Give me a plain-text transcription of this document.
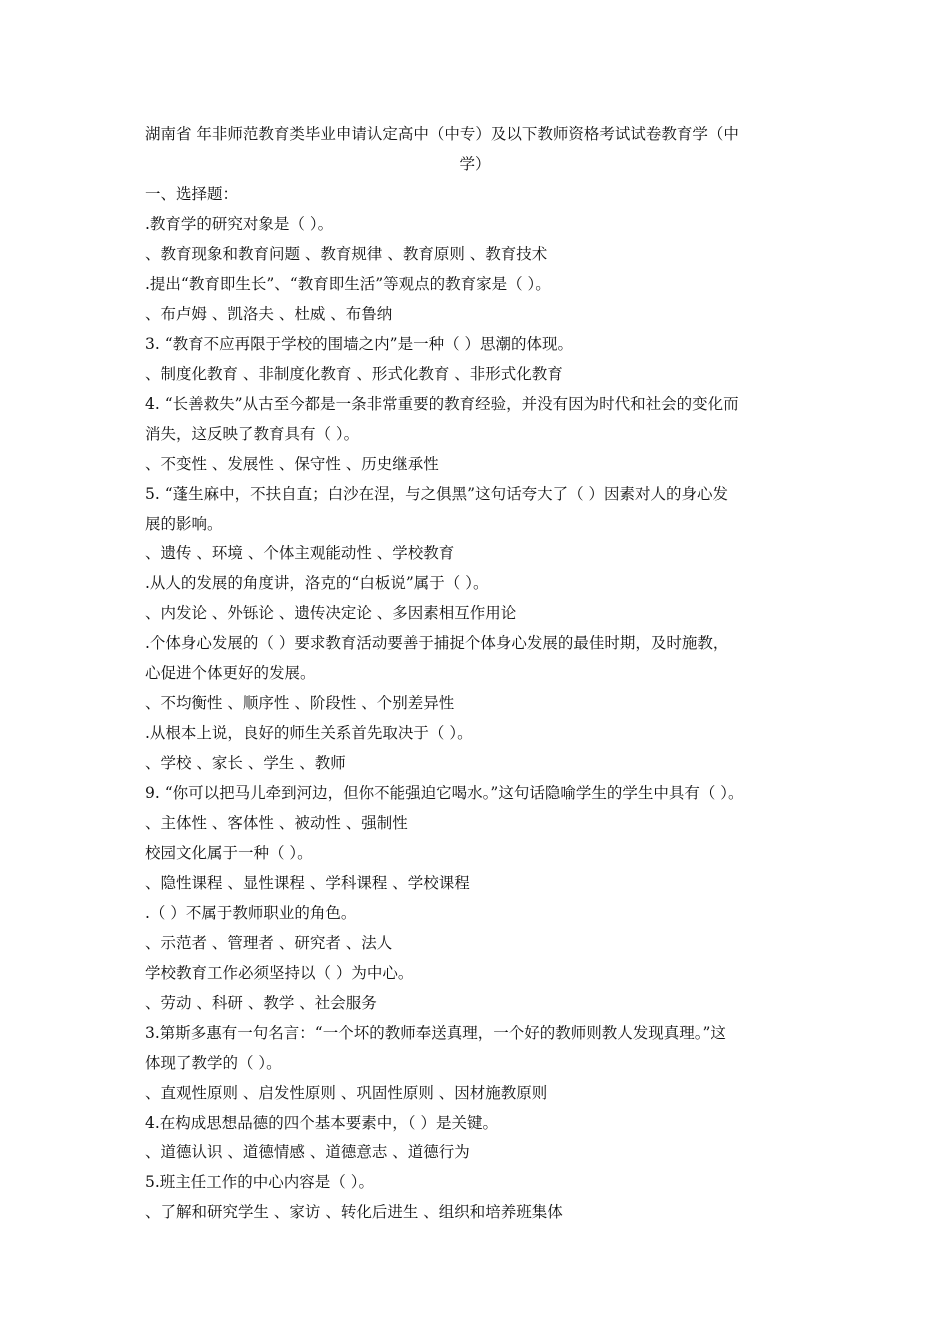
湖南省 年非师范教育类毕业申请认定高中（中专）及以下教师资格考试试卷教育学（中
学）
一、选择题：
.教育学的研究对象是（ ）。
、教育现象和教育问题 、教育规律 、教育原则 、教育技术
.提出“教育即生长”、“教育即生活”等观点的教育家是（ ）。
、布卢姆 、凯洛夫 、杜威 、布鲁纳
3. “教育不应再限于学校的围墙之内”是一种（ ）思潮的体现。
、制度化教育 、非制度化教育 、形式化教育 、非形式化教育
4. “长善救失”从古至今都是一条非常重要的教育经验，并没有因为时代和社会的变化而
消失，这反映了教育具有（ ）。
、不变性 、发展性 、保守性 、历史继承性
5. “蓬生麻中，不扶自直；白沙在涅，与之俱黑”这句话夸大了（ ）因素对人的身心发
展的影响。
、遗传 、环境 、个体主观能动性 、学校教育
.从人的发展的角度讲，洛克的“白板说”属于（ ）。
、内发论 、外铄论 、遗传决定论 、多因素相互作用论
.个体身心发展的（ ）要求教育活动要善于捕捉个体身心发展的最佳时期，及时施教，
心促进个体更好的发展。
、不均衡性 、顺序性 、阶段性 、个别差异性
.从根本上说，良好的师生关系首先取决于（ ）。
、学校 、家长 、学生 、教师
9. “你可以把马儿牵到河边，但你不能强迫它喝水。”这句话隐喻学生的学生中具有（ ）。
、主体性 、客体性 、被动性 、强制性
校园文化属于一种（ ）。
、隐性课程 、显性课程 、学科课程 、学校课程
.（ ）不属于教师职业的角色。
、示范者 、管理者 、研究者 、法人
学校教育工作必须坚持以（ ）为中心。
、劳动 、科研 、教学 、社会服务
3.第斯多惠有一句名言：“一个坏的教师奉送真理，一个好的教师则教人发现真理。”这
体现了教学的（ ）。
、直观性原则 、启发性原则 、巩固性原则 、因材施教原则
4.在构成思想品德的四个基本要素中，（ ）是关键。
、道德认识 、道德情感 、道德意志 、道德行为
5.班主任工作的中心内容是（ ）。
、了解和研究学生 、家访 、转化后进生 、组织和培养班集体
